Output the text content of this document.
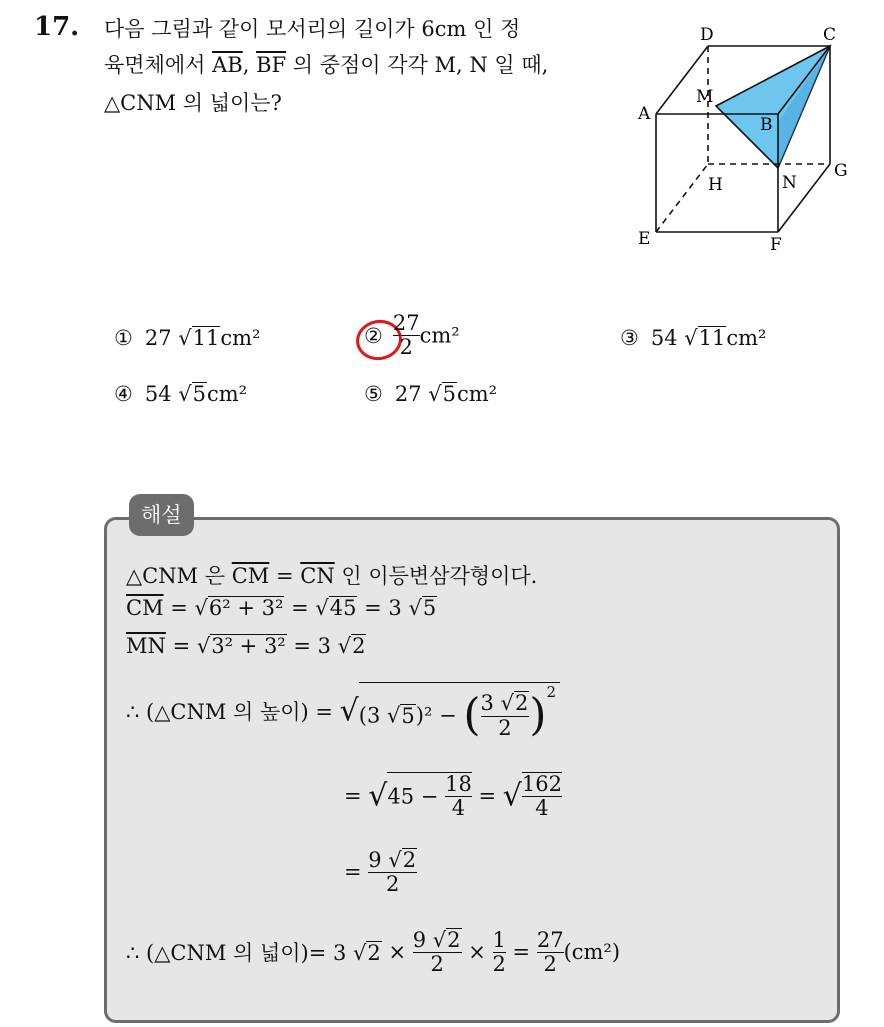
17. 다음 그림과 같이 모서리의 길이가 6cm 인 정
육면체에서 $\overline{AB}$, $\overline{BF}$ 의 중점이 각각 M, N 일 때,
△CNM 의 넓이는?
D	C
A
M
B
H	N
G
E	F
① 27 √11cm²	② $\frac{27}{2} cm^2$	③ 54 √11cm²
④ 54 √5cm²	⑤ 27 √5cm²
해설
△CNM 은 $\overline{CM} = \overline{CN}$ 인 이등변삼각형이다.
$\overline{CM} = √6^2 + 3^2 = √45 = 3$ √5
$\overline{MN} = √3^2 + 3^2 = 3$ √2
∴ (△CNM 의 높이) = √(3 √5)² − ( $\frac{3 √2}{2} )^2$
= $√45 - \frac{18}{4}$ = √ $\frac{162}{4}$
= $\frac{9 √2}{2}$
∴ (△CNM 의 넓이)= 3 $√2 \times \frac{9 √2}{2} \times \frac{1}{2} = \frac{27}{2} (cm^2)$
